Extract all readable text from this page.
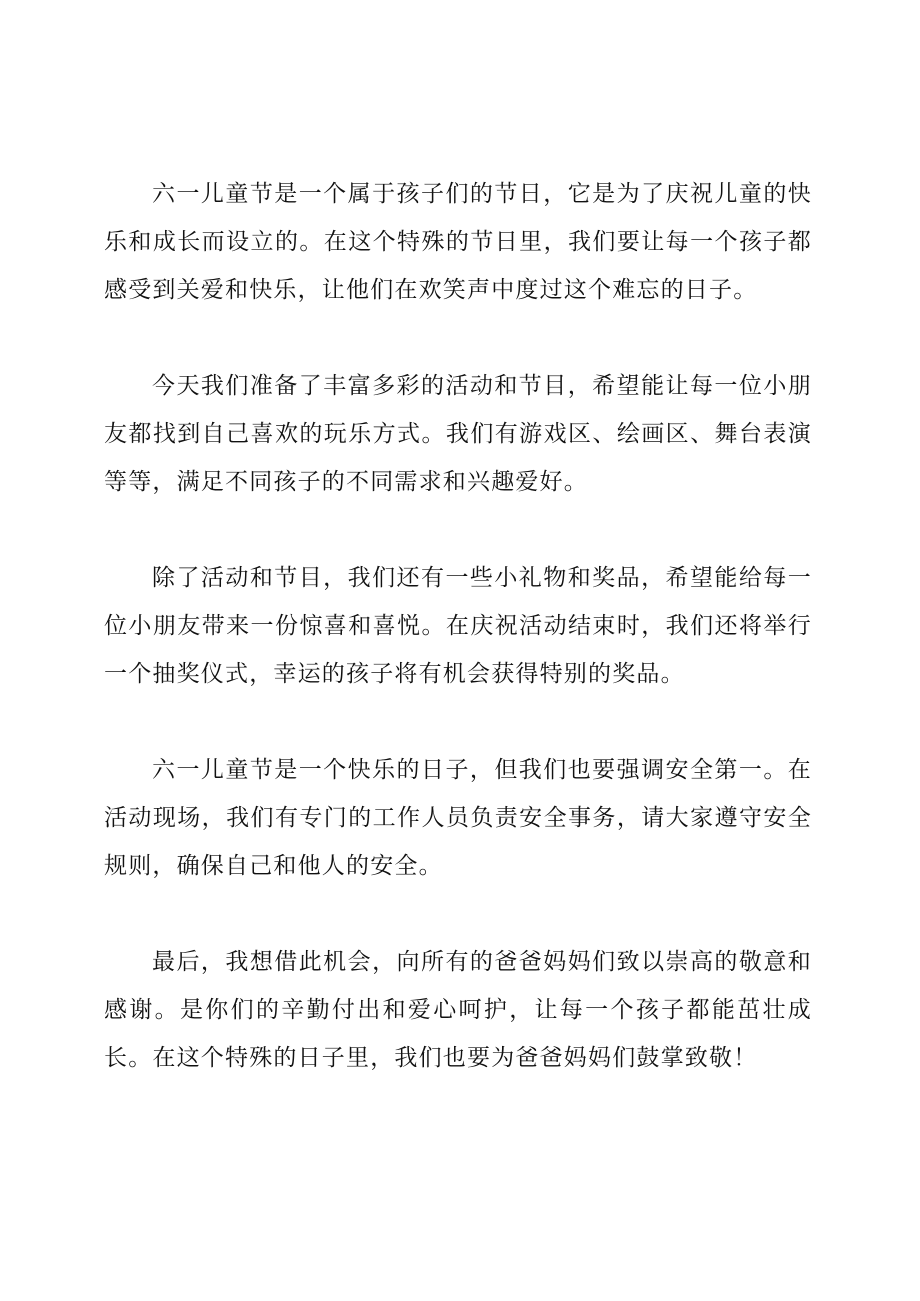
六一儿童节是一个属于孩子们的节日，它是为了庆祝儿童的快乐和成长而设立的。在这个特殊的节日里，我们要让每一个孩子都感受到关爱和快乐，让他们在欢笑声中度过这个难忘的日子。

今天我们准备了丰富多彩的活动和节目，希望能让每一位小朋友都找到自己喜欢的玩乐方式。我们有游戏区、绘画区、舞台表演等等，满足不同孩子的不同需求和兴趣爱好。

除了活动和节目，我们还有一些小礼物和奖品，希望能给每一位小朋友带来一份惊喜和喜悦。在庆祝活动结束时，我们还将举行一个抽奖仪式，幸运的孩子将有机会获得特别的奖品。

六一儿童节是一个快乐的日子，但我们也要强调安全第一。在活动现场，我们有专门的工作人员负责安全事务，请大家遵守安全规则，确保自己和他人的安全。

最后，我想借此机会，向所有的爸爸妈妈们致以崇高的敬意和感谢。是你们的辛勤付出和爱心呵护，让每一个孩子都能茁壮成长。在这个特殊的日子里，我们也要为爸爸妈妈们鼓掌致敬！
